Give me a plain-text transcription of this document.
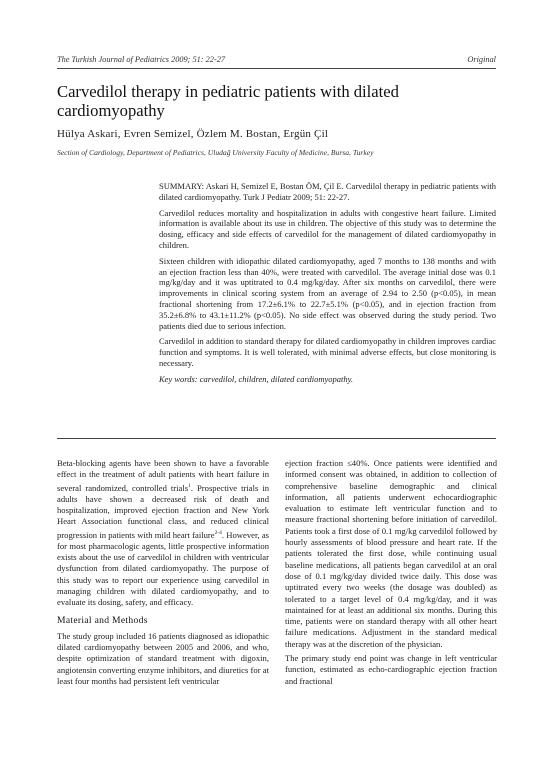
The Turkish Journal of Pediatrics 2009; 51: 22-27	Original
Carvedilol therapy in pediatric patients with dilated cardiomyopathy
Hülya Askari, Evren Semizel, Özlem M. Bostan, Ergün Çil
Section of Cardiology, Department of Pediatrics, Uludağ University Faculty of Medicine, Bursa, Turkey

SUMMARY: Askari H, Semizel E, Bostan ÖM, Çil E. Carvedilol therapy in pediatric patients with dilated cardiomyopathy. Turk J Pediatr 2009; 51: 22-27.

Carvedilol reduces mortality and hospitalization in adults with congestive heart failure. Limited information is available about its use in children. The objective of this study was to determine the dosing, efficacy and side effects of carvedilol for the management of dilated cardiomyopathy in children.

Sixteen children with idiopathic dilated cardiomyopathy, aged 7 months to 138 months and with an ejection fraction less than 40%, were treated with carvedilol. The average initial dose was 0.1 mg/kg/day and it was uptitrated to 0.4 mg/kg/day. After six months on carvedilol, there were improvements in clinical scoring system from an average of 2.94 to 2.50 (p<0.05), in mean fractional shortening from 17.2±6.1% to 22.7±5.1% (p<0.05), and in ejection fraction from 35.2±6.8% to 43.1±11.2% (p<0.05). No side effect was observed during the study period. Two patients died due to serious infection.

Carvedilol in addition to standard therapy for dilated cardiomyopathy in children improves cardiac function and symptoms. It is well tolerated, with minimal adverse effects, but close monitoring is necessary.

Key words: carvedilol, children, dilated cardiomyopathy.

Beta-blocking agents have been shown to have a favorable effect in the treatment of adult patients with heart failure in several randomized, controlled trials$^1$. Prospective trials in adults have shown a decreased risk of death and hospitalization, improved ejection fraction and New York Heart Association functional class, and reduced clinical progression in patients with mild heart failure$^{2-4}$. However, as for most pharmacologic agents, little prospective information exists about the use of carvedilol in children with ventricular dysfunction from dilated cardiomyopathy. The purpose of this study was to report our experience using carvedilol in managing children with dilated cardiomyopathy, and to evaluate its dosing, safety, and efficacy.

Material and Methods

The study group included 16 patients diagnosed as idiopathic dilated cardiomyopathy between 2005 and 2006, and who, despite optimization of standard treatment with digoxin, angiotensin converting enzyme inhibitors, and diuretics for at least four months had persistent left ventricular

ejection fraction ≤40%. Once patients were identified and informed consent was obtained, in addition to collection of comprehensive baseline demographic and clinical information, all patients underwent echocardiographic evaluation to estimate left ventricular function and to measure fractional shortening before initiation of carvedilol. Patients took a first dose of 0.1 mg/kg carvedilol followed by hourly assessments of blood pressure and heart rate. If the patients tolerated the first dose, while continuing usual baseline medications, all patients began carvedilol at an oral dose of 0.1 mg/kg/day divided twice daily. This dose was uptitrated every two weeks (the dosage was doubled) as tolerated to a target level of 0.4 mg/kg/day, and it was maintained for at least an additional six months. During this time, patients were on standard therapy with all other heart failure medications. Adjustment in the standard medical therapy was at the discretion of the physician.

The primary study end point was change in left ventricular function, estimated as echo-cardiographic ejection fraction and fractional
